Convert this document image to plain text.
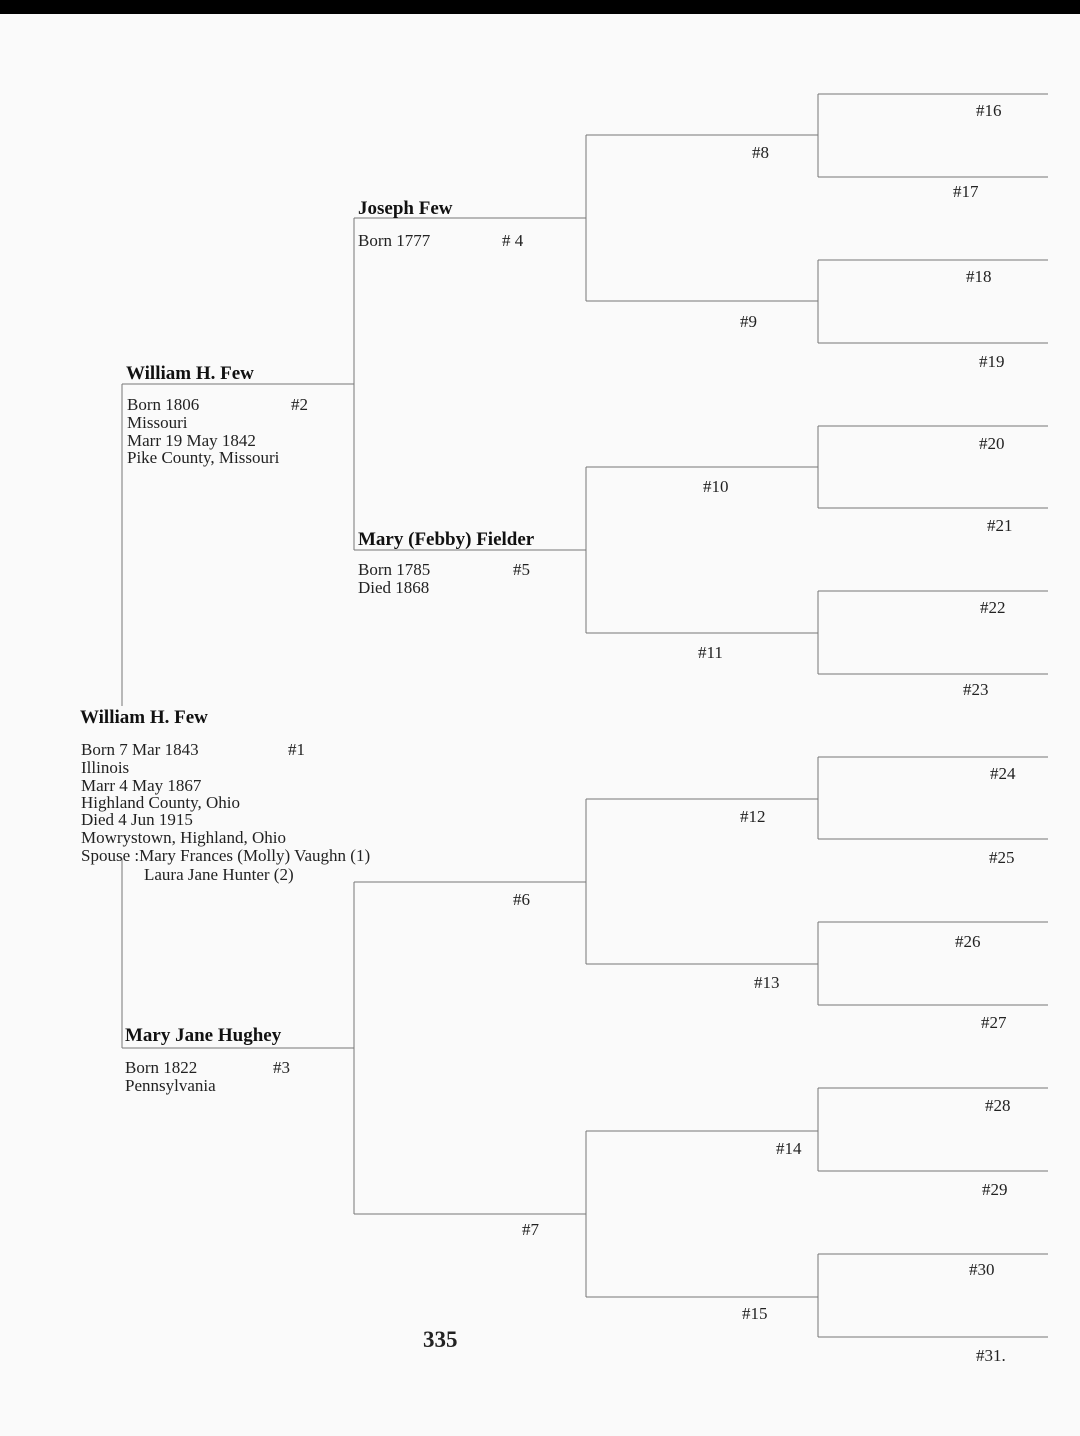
William H. Few
Born 7 Mar 1843	#1
Illinois
Marr 4 May 1867
Highland County, Ohio
Died 4 Jun 1915
Mowrystown, Highland, Ohio
Spouse :Mary Frances (Molly) Vaughn (1)
Laura Jane Hunter (2)
William H. Few
Born 1806	#2
Missouri
Marr 19 May 1842
Pike County, Missouri
Mary Jane Hughey
Born 1822	#3
Pennsylvania
Joseph Few
Born 1777	# 4
Mary (Febby) Fielder
Born 1785	#5
Died 1868
#6
#7
#8
#9
#10
#11
#12
#13
#14
#15
#16
#17
#18
#19
#20
#21
#22
#23
#24
#25
#26
#27
#28
#29
#30
#31.
335
